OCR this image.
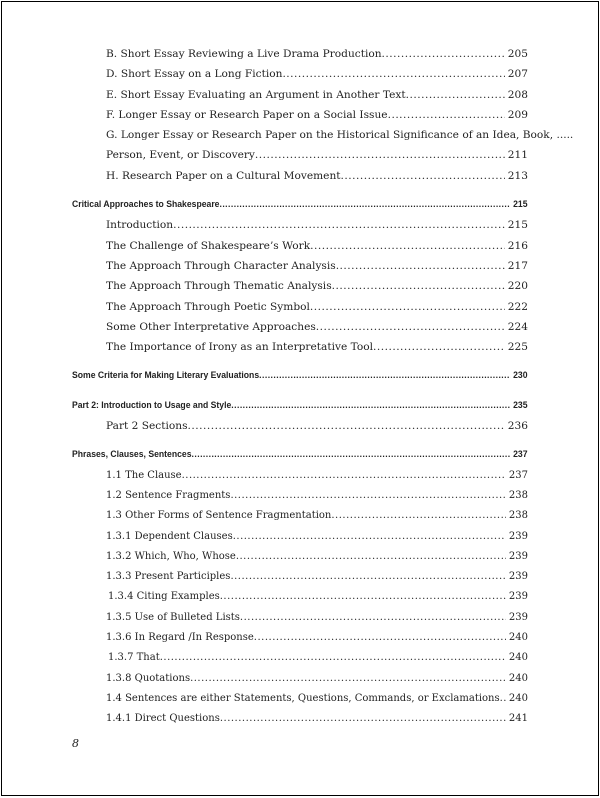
B. Short Essay Reviewing a Live Drama Production .....	205
D. Short Essay on a Long Fiction .....	207
E. Short Essay Evaluating an Argument in Another Text .....	208
F. Longer Essay or Research Paper on a Social Issue .....	209
G. Longer Essay or Research Paper on the Historical Significance of an Idea, Book, .....
Person, Event, or Discovery .....	211
H. Research Paper on a Cultural Movement .....	213
Critical Approaches to Shakespeare .....	215
Introduction .....	215
The Challenge of Shakespeare’s Work .....	216
The Approach Through Character Analysis .....	217
The Approach Through Thematic Analysis .....	220
The Approach Through Poetic Symbol .....	222
Some Other Interpretative Approaches .....	224
The Importance of Irony as an Interpretative Tool .....	225
Some Criteria for Making Literary Evaluations .....	230
Part 2: Introduction to Usage and Style .....	235
Part 2 Sections .....	236
Phrases, Clauses, Sentences .....	237
1.1 The Clause .....	237
1.2 Sentence Fragments .....	238
1.3 Other Forms of Sentence Fragmentation .....	238
1.3.1 Dependent Clauses .....	239
1.3.2 Which, Who, Whose .....	239
1.3.3 Present Participles .....	239
1.3.4 Citing Examples .....	239
1.3.5 Use of Bulleted Lists .....	239
1.3.6 In Regard /In Response .....	240
1.3.7 That .....	240
1.3.8 Quotations .....	240
1.4 Sentences are either Statements, Questions, Commands, or Exclamations ..... 240
1.4.1 Direct Questions .....	241
8
